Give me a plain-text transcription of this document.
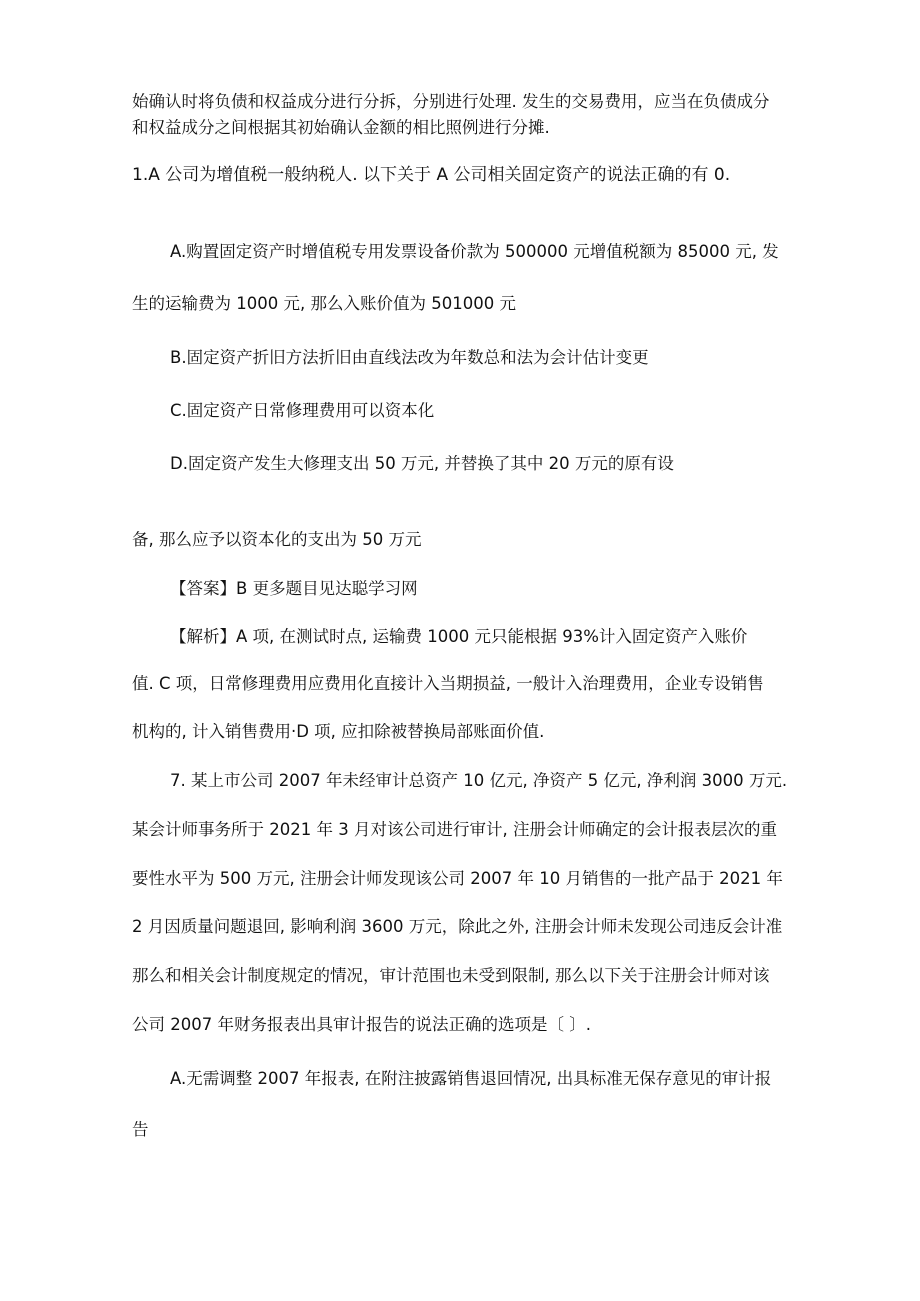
始确认时将负债和权益成分进行分拆，分别进行处理. 发生的交易费用，应当在负债成分
和权益成分之间根据其初始确认金额的相比照例进行分摊.
1.A 公司为增值税一般纳税人. 以下关于 A 公司相关固定资产的说法正确的有 0.
A.购置固定资产时增值税专用发票设备价款为 500000 元增值税额为 85000 元, 发
生的运输费为 1000 元, 那么入账价值为 501000 元
B.固定资产折旧方法折旧由直线法改为年数总和法为会计估计变更
C.固定资产日常修理费用可以资本化
D.固定资产发生大修理支出 50 万元, 并替换了其中 20 万元的原有设
备, 那么应予以资本化的支出为 50 万元
【答案】B 更多题目见达聪学习网
【解析】A 项, 在测试时点, 运输费 1000 元只能根据 93%计入固定资产入账价
值. C 项，日常修理费用应费用化直接计入当期损益, 一般计入治理费用，企业专设销售
机构的, 计入销售费用·D 项, 应扣除被替换局部账面价值.
7. 某上市公司 2007 年未经审计总资产 10 亿元, 净资产 5 亿元, 净利润 3000 万元.
某会计师事务所于 2021 年 3 月对该公司进行审计, 注册会计师确定的会计报表层次的重
要性水平为 500 万元, 注册会计师发现该公司 2007 年 10 月销售的一批产品于 2021 年
2 月因质量问题退回, 影响利润 3600 万元，除此之外, 注册会计师未发现公司违反会计准
那么和相关会计制度规定的情况，审计范围也未受到限制, 那么以下关于注册会计师对该
公司 2007 年财务报表出具审计报告的说法正确的选项是〔 〕.
A.无需调整 2007 年报表, 在附注披露销售退回情况, 出具标准无保存意见的审计报
告
